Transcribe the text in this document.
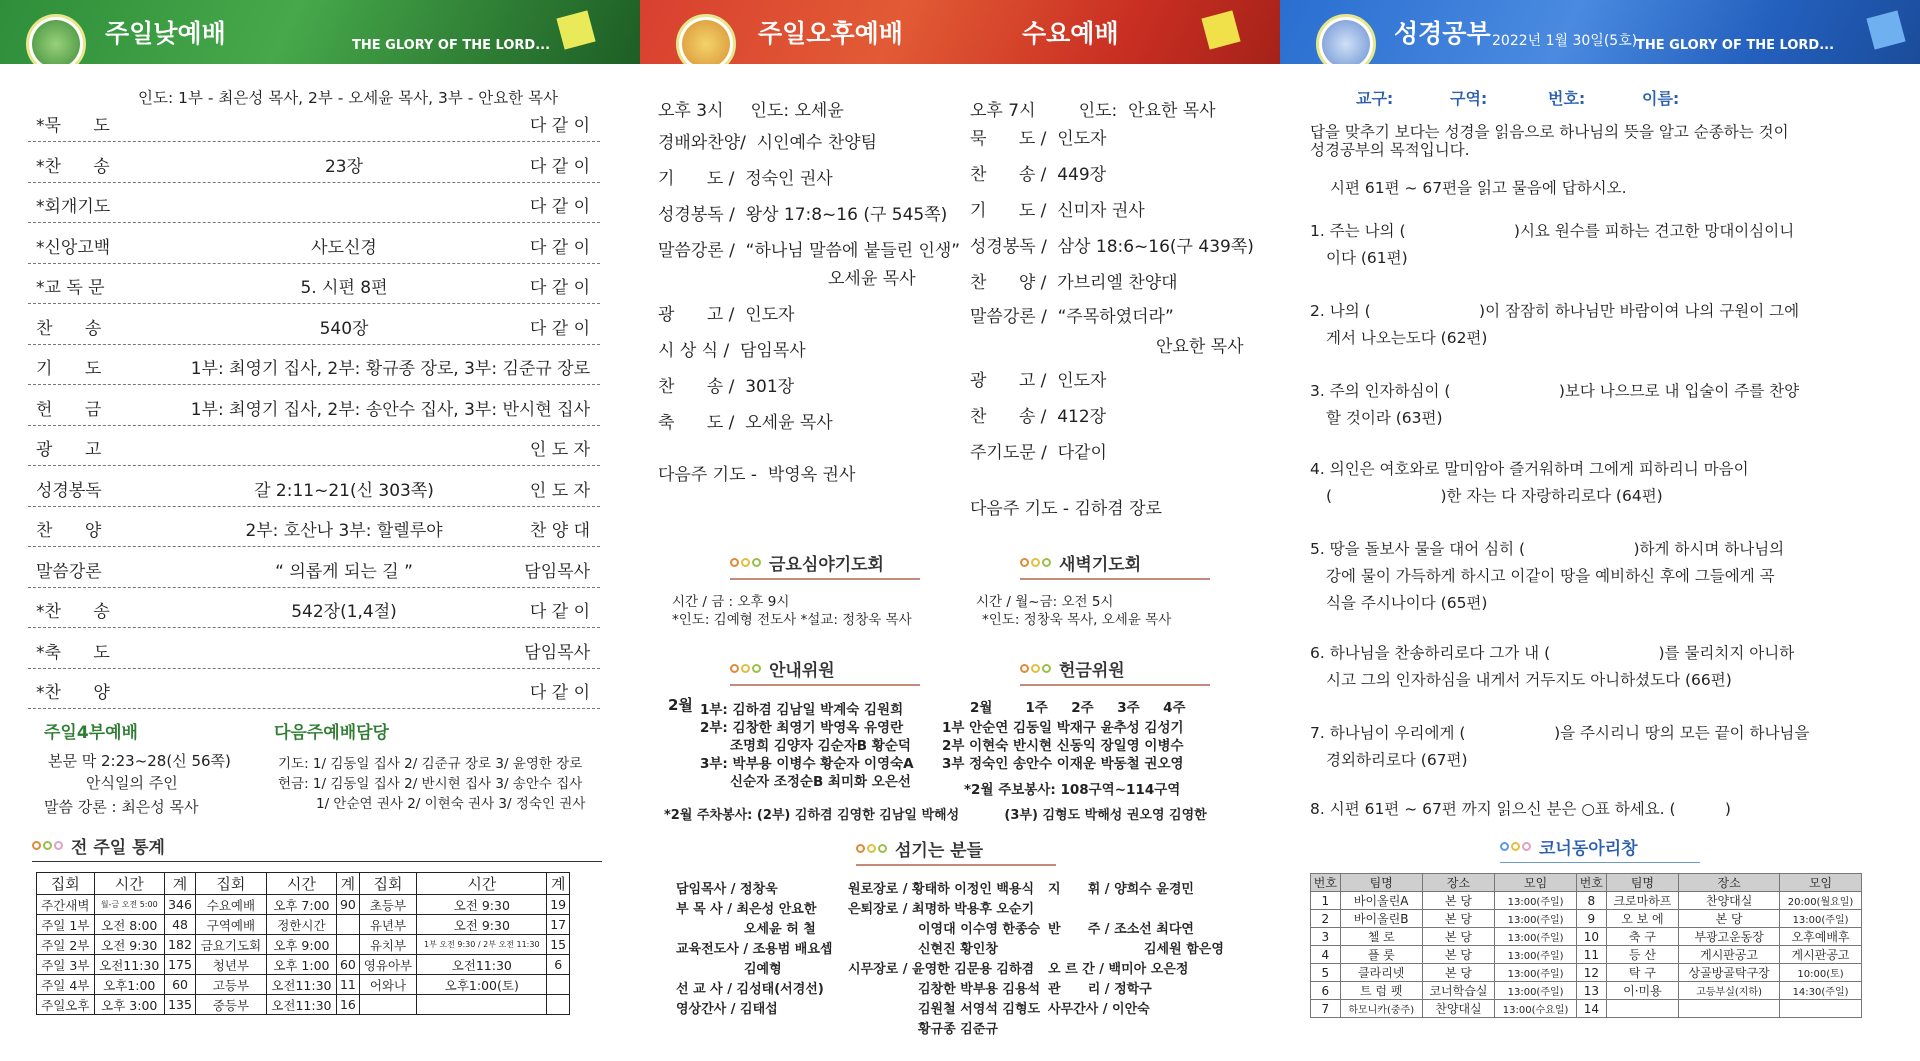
주일낮예배	THE GLORY OF THE LORD...	주일오후예배	수요예배	성경공부 2022년 1월 30일(5호)
THE GLORY OF THE LORD...
인도: 1부 - 최은성 목사, 2부 - 오세윤 목사, 3부 - 안요한 목사
*묵      도	다 같 이
*찬      송	23장	다 같 이
*회개기도	다 같 이
*신앙고백	사도신경	다 같 이
*교 독 문	5. 시편 8편	다 같 이
찬      송	540장	다 같 이
기      도	1부: 최영기 집사, 2부: 황규종 장로, 3부: 김준규 장로
헌      금	1부: 최영기 집사, 2부: 송안수 집사, 3부: 반시현 집사
광      고	인 도 자
성경봉독	갈 2:11~21(신 303쪽)	인 도 자
찬      양	2부: 호산나 3부: 할렐루야	찬 양 대
말씀강론	“ 의롭게 되는 길 ”	담임목사
*찬      송	542장(1,4절)	다 같 이
*축      도	담임목사
*찬      양	다 같 이
주일4부예배
본문 막 2:23~28(신 56쪽)
안식일의 주인
말씀 강론 : 최은성 목사
다음주예배담당
기도: 1/ 김동일 집사 2/ 김준규 장로 3/ 윤영한 장로
헌금: 1/ 김동일 집사 2/ 반시현 집사 3/ 송안수 집사
1/ 안순연 권사 2/ 이현숙 권사 3/ 정숙인 권사
전 주일 통계
집회	시간	계	집회	시간	계	집회	시간	계
주간새벽	월-금 오전 5:00	346	수요예배	오후 7:00	90	초등부	오전 9:30	19
주일 1부	오전 8:00	48	구역예배	정한시간		유년부	오전 9:30	17
주일 2부	오전 9:30	182	금요기도회	오후 9:00		유치부	1부 오전 9:30 / 2부 오전 11:30	15
주일 3부	오전11:30	175	청년부	오후 1:00	60	영유아부	오전11:30	6
주일 4부	오후1:00	60	고등부	오전11:30	11	어와나	오후1:00(토)	
주일오후	오후 3:00	135	중등부	오전11:30	16			
오후 3시     인도: 오세윤
경배와찬양/  시인예수 찬양팀
기      도 /  정숙인 권사
성경봉독 /  왕상 17:8~16 (구 545쪽)
말씀강론 /  “하나님 말씀에 붙들린 인생”
오세윤 목사
광      고 /  인도자
시 상 식 /  담임목사
찬      송 /  301장
축      도 /  오세윤 목사
다음주 기도 -  박영옥 권사
오후 7시        인도:  안요한 목사
묵      도 /  인도자
찬      송 /  449장
기      도 /  신미자 권사
성경봉독 /  삼상 18:6~16(구 439쪽)
찬      양 /  가브리엘 찬양대
말씀강론 /  “주목하였더라”
안요한 목사
광      고 /  인도자
찬      송 /  412장
주기도문 /  다같이
다음주 기도 - 김하겸 장로
금요심야기도회
시간 / 금 : 오후 9시
*인도: 김예형 전도사 *설교: 정창욱 목사
새벽기도회
시간 / 월~금: 오전 5시
*인도: 정창욱 목사, 오세윤 목사
안내위원
2월 1부: 김하겸 김남일 박계숙 김원희
2부: 김창한 최영기 박영옥 유영란
조명희 김양자 김순자B 황순덕
3부: 박부용 이병수 황순자 이영숙A
신순자 조정순B 최미화 오은선
헌금위원
2월       1주     2주     3주     4주
1부 안순연 김동일 박재구 윤추성 김성기
2부 이현숙 반시현 신동익 장일영 이병수
3부 정숙인 송안수 이재운 박동철 권오영
*2월 주보봉사: 108구역~114구역
*2월 주차봉사: (2부) 김하겸 김영한 김남일 박해성          (3부) 김형도 박해성 권오영 김영한
섬기는 분들
담임목사 / 정창욱
부 목 사 / 최은성 안요한
오세윤 허 철
교육전도사 / 조용범 배요셉
김예형
선 교 사 / 김성태(서경선)
영상간사 / 김태섭
원로장로 / 황태하 이정인 백용식
은퇴장로 / 최명하 박용후 오순기
이영대 이수영 한종승
신현진 황인창
시무장로 / 윤영한 김문용 김하겸
김창한 박부용 김용석
김원철 서영석 김형도
황규종 김준규
지      휘 / 양희수 윤경민
반      주 / 조소선 최다연
김세원 함은영
오 르 간 / 백미아 오은정
관      리 / 정학구
사무간사 / 이안숙
교구:	구역:	번호:	이름:
답을 맞추기 보다는 성경을 읽음으로 하나님의 뜻을 알고 순종하는 것이
성경공부의 목적입니다.
시편 61편 ~ 67편을 읽고 물음에 답하시오.
1. 주는 나의 (                      )시요 원수를 피하는 견고한 망대이심이니
이다 (61편)
2. 나의 (                      )이 잠잠히 하나님만 바람이여 나의 구원이 그에
게서 나오는도다 (62편)
3. 주의 인자하심이 (                      )보다 나으므로 내 입술이 주를 찬양
할 것이라 (63편)
4. 의인은 여호와로 말미암아 즐거워하며 그에게 피하리니 마음이
(                      )한 자는 다 자랑하리로다 (64편)
5. 땅을 돌보사 물을 대어 심히 (                      )하게 하시며 하나님의
강에 물이 가득하게 하시고 이같이 땅을 예비하신 후에 그들에게 곡
식을 주시나이다 (65편)
6. 하나님을 찬송하리로다 그가 내 (                      )를 물리치지 아니하
시고 그의 인자하심을 내게서 거두지도 아니하셨도다 (66편)
7. 하나님이 우리에게 (                  )을 주시리니 땅의 모든 끝이 하나님을
경외하리로다 (67편)
8. 시편 61편 ~ 67편 까지 읽으신 분은 ○표 하세요. (          )
코너동아리창
번호	팀명	장소	모임	번호	팀명	장소	모임
1	바이올린A	본 당	13:00(주일)	8	크로마하프	찬양대실	20:00(월요일)
2	바이올린B	본 당	13:00(주일)	9	오 보 에	본 당	13:00(주일)
3	첼 로	본 당	13:00(주일)	10	축 구	부광고운동장	오후예배후
4	플 룻	본 당	13:00(주일)	11	등 산	게시판공고	게시판공고
5	클라리넷	본 당	13:00(주일)	12	탁 구	상골방골탁구장	10:00(토)
6	트 럼 펫	코너학습실	13:00(주일)	13	이·미용	고등부실(지하)	14:30(주일)
7	하모니카(중주)	찬양대실	13:00(수요일)	14			
